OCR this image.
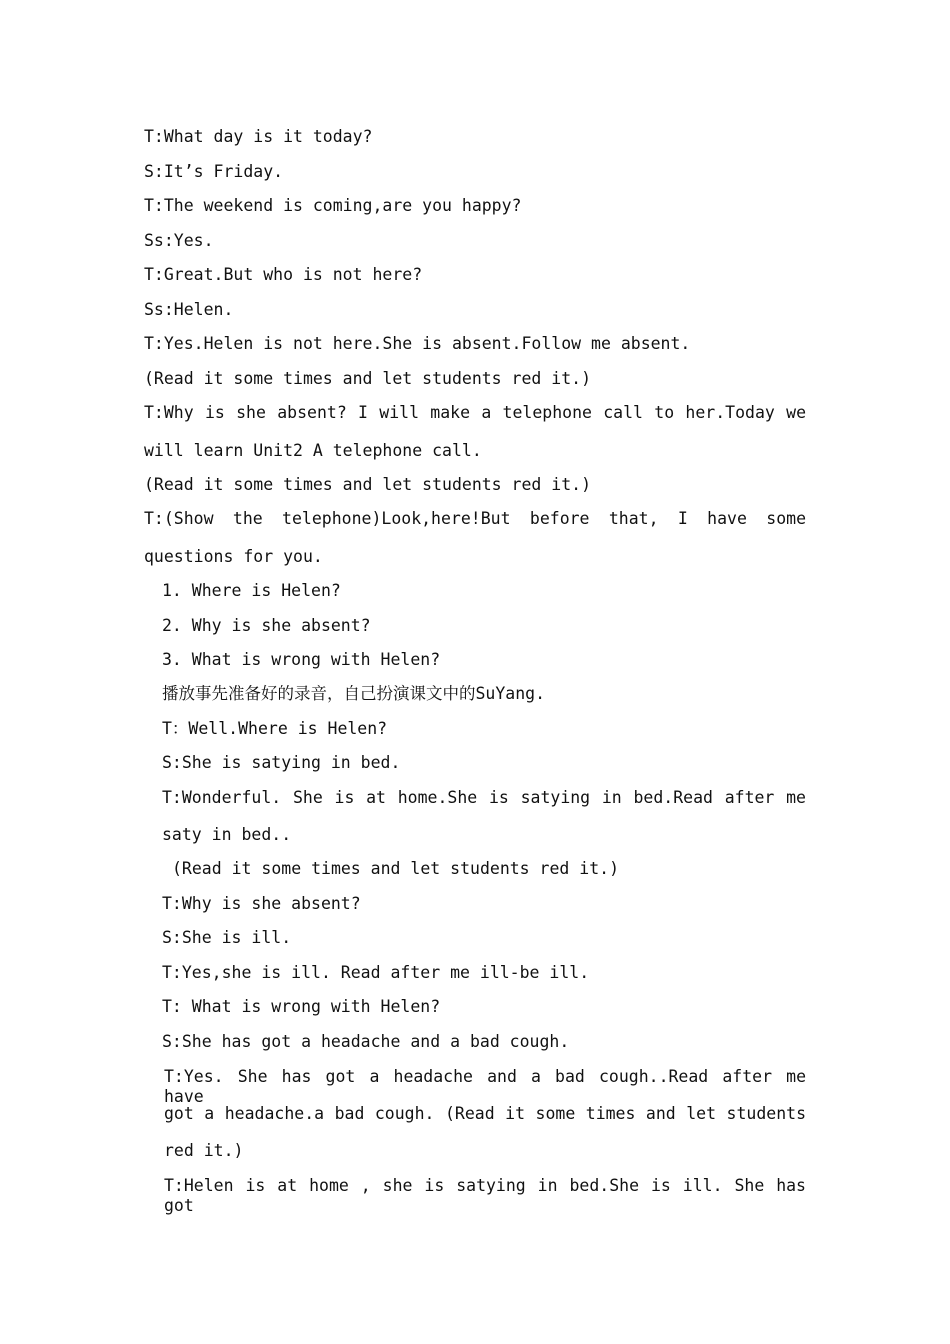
T:What day is it today?

S:It’s Friday.

T:The weekend is coming,are you happy?

Ss:Yes.

T:Great.But who is not here?

Ss:Helen.

T:Yes.Helen is not here.She is absent.Follow me absent.

(Read it some times and let students red it.)

T:Why is she absent? I will make a telephone call to her.Today we

will learn Unit2 A telephone call.

(Read it some times and let students red it.)

T:(Show the telephone)Look,here!But before that, I have some

questions for you.

1. Where is Helen?

2. Why is she absent?

3. What is wrong with Helen?

播放事先准备好的录音，自己扮演课文中的SuYang.

T：Well.Where is Helen?

S:She is satying in bed.

T:Wonderful. She is at home.She is satying in bed.Read after me

saty in bed..

(Read it some times and let students red it.)

T:Why is she absent?

S:She is ill.

T:Yes,she is ill. Read after me ill-be ill.

T: What is wrong with Helen?

S:She has got a headache and a bad cough.

T:Yes. She has got a headache and a bad cough..Read after me have

got a headache.a bad cough. (Read it some times and let students

red it.)

T:Helen is at home , she is satying in bed.She is ill. She has got
